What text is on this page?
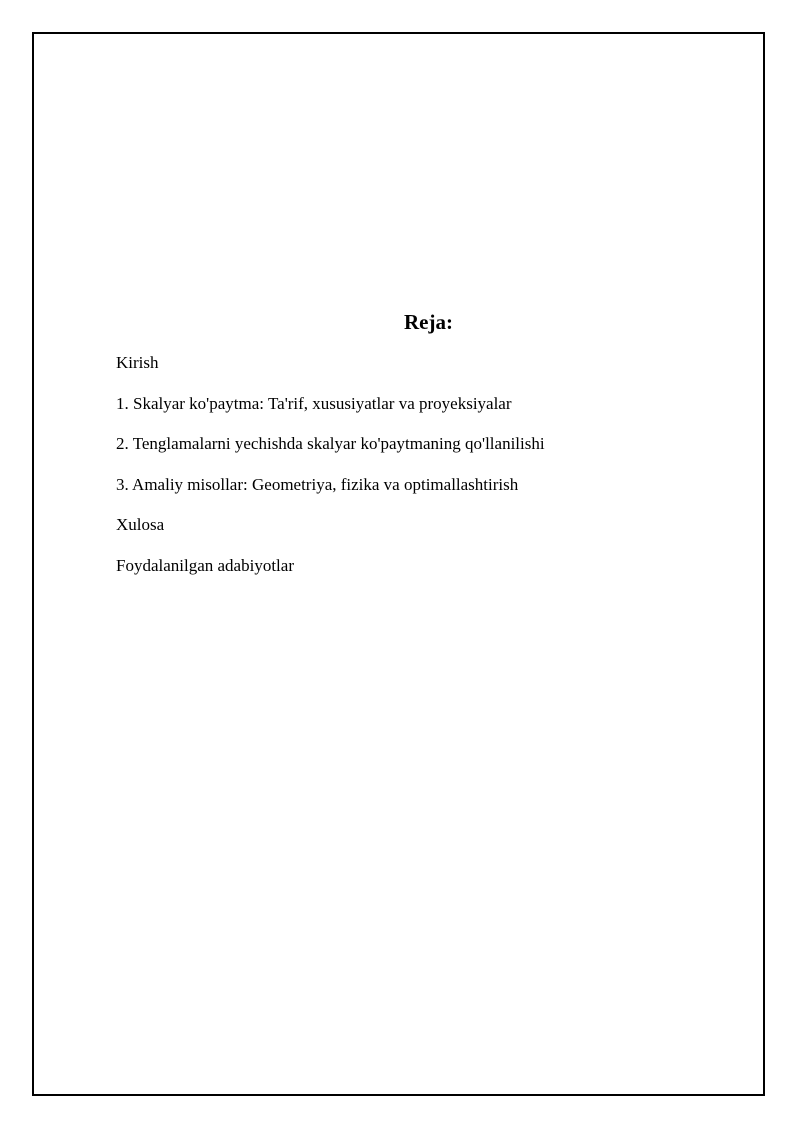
Reja:
Kirish
1. Skalyar ko'paytma: Ta'rif, xususiyatlar va proyeksiyalar
2. Tenglamalarni yechishda skalyar ko'paytmaning qo'llanilishi
3. Amaliy misollar: Geometriya, fizika va optimallashtirish
Xulosa
Foydalanilgan adabiyotlar
